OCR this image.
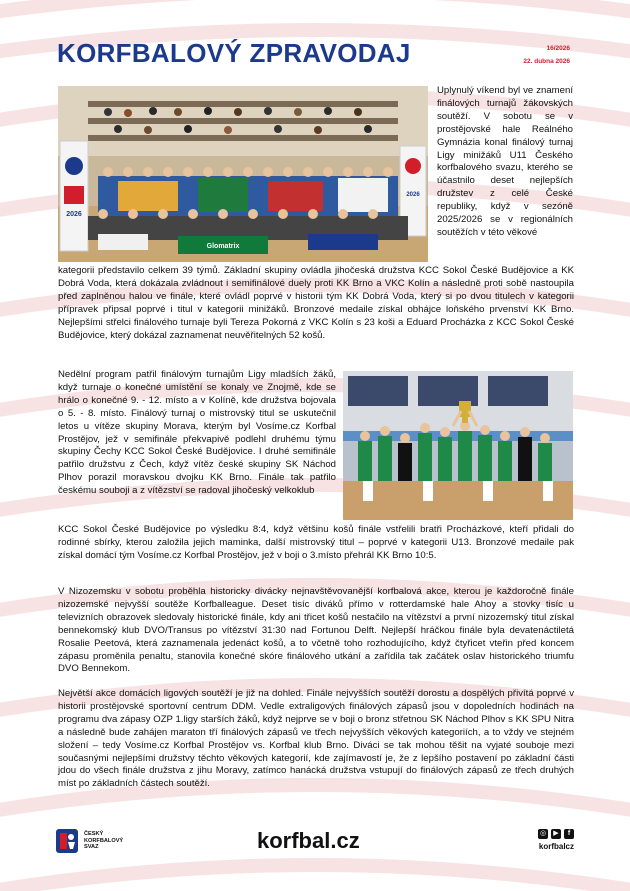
KORFBALOVÝ ZPRAVODAJ	16/2026
22. dubna 2026
2026
2026
Glomatrix
Uplynulý víkend byl ve znamení finálových turnajů žákovských soutěží. V sobotu se v prostějovské hale Reálného Gymnázia konal finálový turnaj Ligy minižáků U11 Českého korfbalového svazu, kterého se účastnilo deset nejlepších družstev z celé České republiky, když v sezóně 2025/2026 se v regionálních soutěžích v této věkové
kategorii představilo celkem 39 týmů. Základní skupiny ovládla jihočeská družstva KCC Sokol České Budějovice a KK Dobrá Voda, která dokázala zvládnout i semifinálové duely proti KK Brno a VKC Kolín a následně proti sobě nastoupila před zaplněnou halou ve finále, které ovládl poprvé v historii tým KK Dobrá Voda, který si po dvou titulech v kategorii přípravek připsal poprvé i titul v kategorii minižáků. Bronzové medaile získal obhájce loňského prvenství KK Brno. Nejlepšími střelci finálového turnaje byli Tereza Pokorná z VKC Kolín s 23 koši a Eduard Procházka z KCC Sokol České Budějovice, který dokázal zaznamenat neuvěřitelných 52 košů.
Nedělní program patřil finálovým turnajům Ligy mladších žáků, když turnaje o konečné umístění se konaly ve Znojmě, kde se hrálo o konečné 9. - 12. místo a v Kolíně, kde družstva bojovala o 5. - 8. místo. Finálový turnaj o mistrovský titul se uskutečnil letos u vítěze skupiny Morava, kterým byl Vosíme.cz Korfbal Prostějov, jež v semifinále překvapivě podlehl druhému týmu skupiny Čechy KCC Sokol České Budějovice. I druhé semifinále patřilo družstvu z Čech, když vítěz české skupiny SK Náchod Plhov porazil moravskou dvojku KK Brno. Finále tak patřilo českému souboji a z vítězství se radoval jihočeský velkoklub
KCC Sokol České Budějovice po výsledku 8:4, když většinu košů finále vstřelili bratři Procházkové, kteří přidali do rodinné sbírky, kterou založila jejich maminka, další mistrovský titul – poprvé v kategorii U13. Bronzové medaile pak získal domácí tým Vosíme.cz Korfbal Prostějov, jež v boji o 3.místo přehrál KK Brno 10:5.
V Nizozemsku v sobotu proběhla historicky divácky nejnavštěvovanější korfbalová akce, kterou je každoročně finále nizozemské nejvyšší soutěže Korfballeague. Deset tisíc diváků přímo v rotterdamské hale Ahoy a stovky tisíc u televizních obrazovek sledovaly historické finále, kdy ani třicet košů nestačilo na vítězství a první nizozemský titul získal bennekomský klub DVO/Transus po vítězství 31:30 nad Fortunou Delft. Nejlepší hráčkou finále byla devatenáctiletá Rosalie Peetová, která zaznamenala jedenáct košů, a to včetně toho rozhodujícího, když čtyřicet vteřin před koncem zápasu proměnila penaltu, stanovila konečné skóre finálového utkání a zařídila tak začátek oslav historického triumfu DVO Bennekom.
Největší akce domácích ligových soutěží je již na dohled. Finále nejvyšších soutěží dorostu a dospělých přivítá poprvé v historii prostějovské sportovní centrum DDM. Vedle extraligových finálových zápasů jsou v dopoledních hodinách na programu dva zápasy OZP 1.ligy starších žáků, když nejprve se v boji o bronz střetnou SK Náchod Plhov s KK SPU Nitra a následně bude zahájen maraton tří finálových zápasů ve třech nejvyšších věkových kategoriích, a to vždy ve stejném složení – tedy Vosíme.cz Korfbal Prostějov vs. Korfbal klub Brno. Diváci se tak mohou těšit na vyjaté souboje mezi současnými nejlepšími družstvy těchto věkových kategorií, kde zajímavostí je, že z lepšího postavení po základní části jdou do všech finále družstva z jihu Moravy, zatímco hanácká družstva vstupují do finálových zápasů ze třech druhých míst po základních částech soutěží.
ČESKÝ
KORFBALOVÝ
SVAZ	korfbal.cz	◎	▶	f
korfbalcz
